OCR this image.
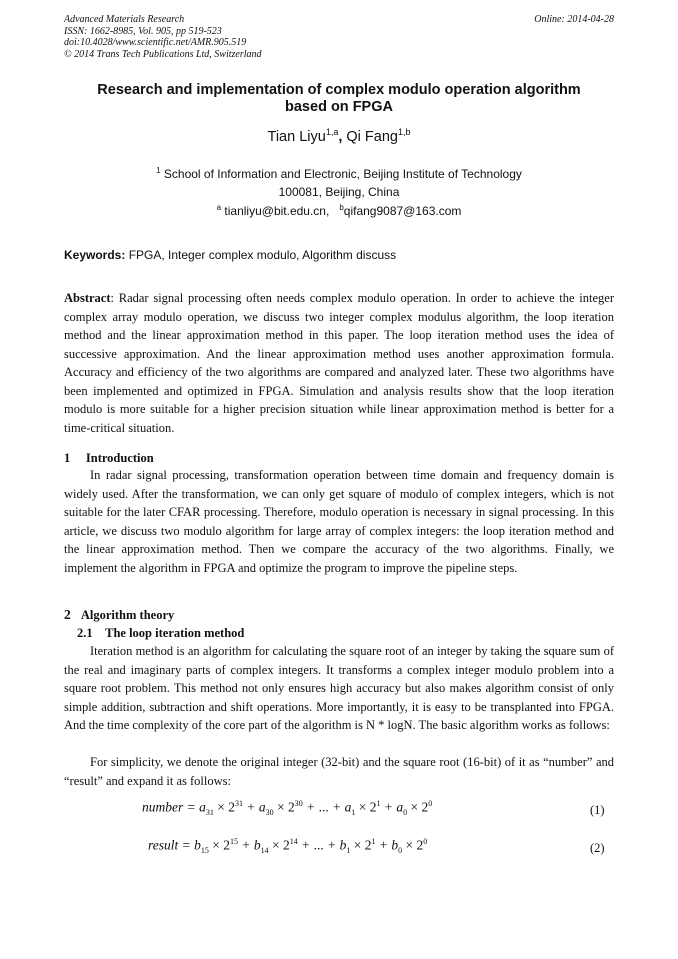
Advanced Materials Research
ISSN: 1662-8985, Vol. 905, pp 519-523
doi:10.4028/www.scientific.net/AMR.905.519
© 2014 Trans Tech Publications Ltd, Switzerland
Online: 2014-04-28
Research and implementation of complex modulo operation algorithm
based on FPGA
Tian Liyu$^{1,a}$, Qi Fang$^{1,b}$
$^1$ School of Information and Electronic, Beijing Institute of Technology
100081, Beijing, China
$^a$ tianliyu@bit.edu.cn, $^b$qifang9087@163.com
Keywords: FPGA, Integer complex modulo, Algorithm discuss
Abstract: Radar signal processing often needs complex modulo operation. In order to achieve the integer complex array modulo operation, we discuss two integer complex modulus algorithm, the loop iteration method and the linear approximation method in this paper. The loop iteration method uses the idea of successive approximation. And the linear approximation method uses another approximation formula. Accuracy and efficiency of the two algorithms are compared and analyzed later. These two algorithms have been implemented and optimized in FPGA. Simulation and analysis results show that the loop iteration modulo is more suitable for a higher precision situation while linear approximation method is better for a time-critical situation.
1 Introduction
In radar signal processing, transformation operation between time domain and frequency domain is widely used. After the transformation, we can only get square of modulo of complex integers, which is not suitable for the later CFAR processing. Therefore, modulo operation is necessary in signal processing. In this article, we discuss two modulo algorithm for large array of complex integers: the loop iteration method and the linear approximation method. Then we compare the accuracy of the two algorithms. Finally, we implement the algorithm in FPGA and optimize the program to improve the pipeline steps.
2 Algorithm theory
2.1 The loop iteration method
Iteration method is an algorithm for calculating the square root of an integer by taking the square sum of the real and imaginary parts of complex integers. It transforms a complex integer modulo problem into a square root problem. This method not only ensures high accuracy but also makes algorithm consist of only simple addition, subtraction and shift operations. More importantly, it is easy to be transplanted into FPGA. And the time complexity of the core part of the algorithm is N * logN. The basic algorithm works as follows:
For simplicity, we denote the original integer (32-bit) and the square root (16-bit) of it as “number” and “result” and expand it as follows:
number = $a_{31} \times 2^{31} + a_{30} \times 2^{30}$ + ... + $a_1 \times 2^1 + a_0 \times 2^0$	(1)
result = $b_{15} \times 2^{15} + b_{14} \times 2^{14}$ + ... + $b_1 \times 2^1 + b_0 \times 2^0$	(2)
